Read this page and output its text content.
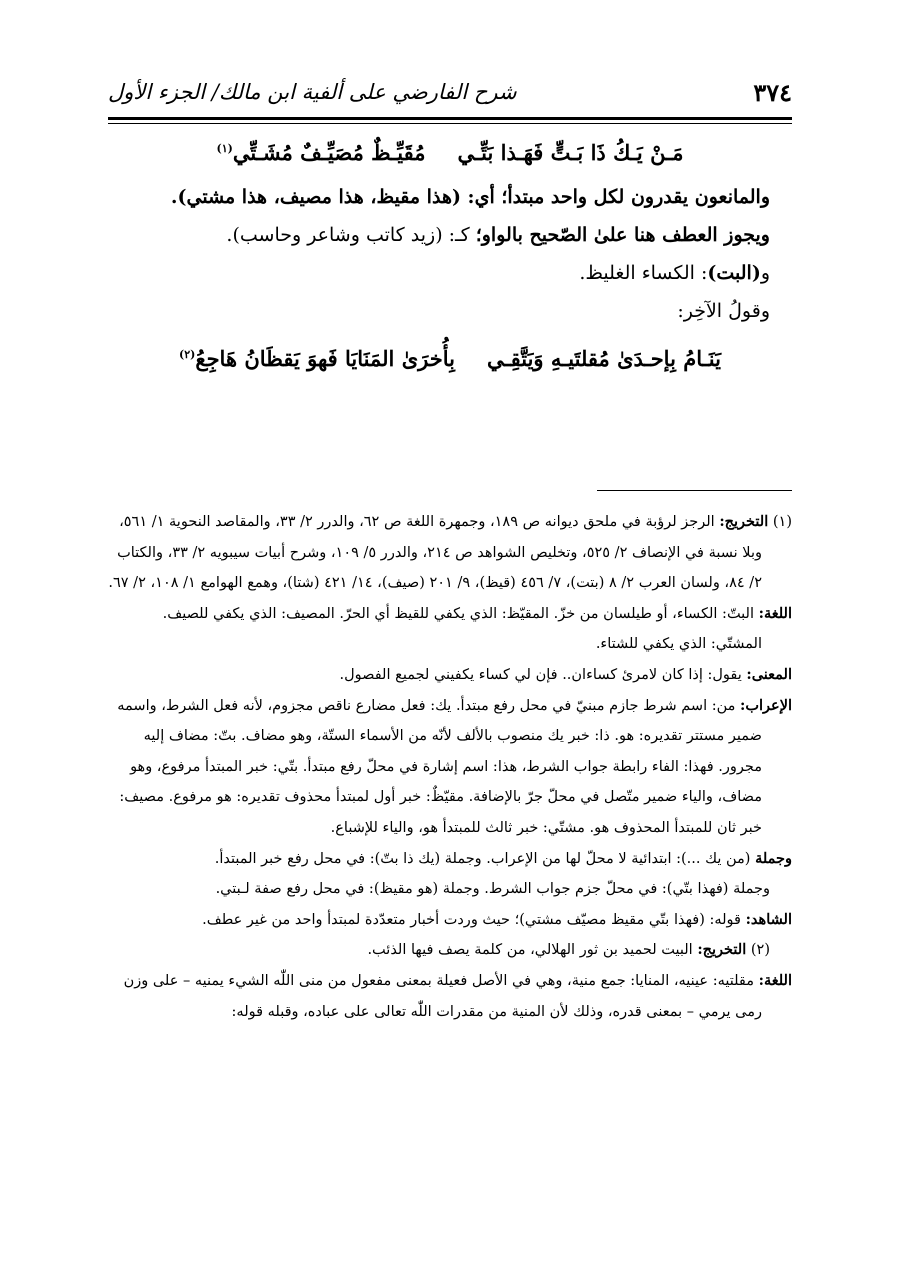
٣٧٤
شرح الفارضي على ألفية ابن مالك/ الجزء الأول
مَـنْ يَـكُ ذَا بَـتٍّ فَهَـذا بَتِّـي
مُقَيِّـظٌ مُصَيِّـفٌ مُشَـتِّي$^{(١)}$

والمانعون يقدرون لكل واحد مبتدأ؛ أي: (هذا مقيظ، هذا مصيف، هذا مشتي).

ويجوز العطف هنا علىٰ الصّحيح بالواو؛ كـ: (زيد كاتب وشاعر وحاسب).

و(البت): الكساء الغليظ.

وقولُ الآخِر:

يَنَـامُ بِإحـدَىٰ مُقلتَيـهِ وَيَتَّقِـي
بِأُخرَىٰ المَنَايَا فَهوَ يَقظَانُ هَاجِعُ$^{(٢)}$

(١) التخريج: الرجز لرؤبة في ملحق ديوانه ص ١٨٩، وجمهرة اللغة ص ٦٢، والدرر ٢/ ٣٣، والمقاصد النحوية ١/ ٥٦١، وبلا نسبة في الإنصاف ٢/ ٥٢٥، وتخليص الشواهد ص ٢١٤، والدرر ٥/ ١٠٩، وشرح أبيات سيبويه ٢/ ٣٣، والكتاب ٢/ ٨٤، ولسان العرب ٢/ ٨ (بتت)، ٧/ ٤٥٦ (قيظ)، ٩/ ٢٠١ (صيف)، ١٤/ ٤٢١ (شتا)، وهمع الهوامع ١/ ١٠٨، ٢/ ٦٧.

اللغة: البتّ: الكساء، أو طيلسان من خزّ. المقيّظ: الذي يكفي للقيظ أي الحرّ. المصيف: الذي يكفي للصيف. المشتّي: الذي يكفي للشتاء.

المعنى: يقول: إذا كان لامرئ كساءان.. فإن لي كساء يكفيني لجميع الفصول.

الإعراب: من: اسم شرط جازم مبنيّ في محل رفع مبتدأ. يك: فعل مضارع ناقص مجزوم، لأنه فعل الشرط، واسمه ضمير مستتر تقديره: هو. ذا: خبر يك منصوب بالألف لأنّه من الأسماء الستّة، وهو مضاف. بتّ: مضاف إليه مجرور. فهذا: الفاء رابطة جواب الشرط، هذا: اسم إشارة في محلّ رفع مبتدأ. بتّي: خبر المبتدأ مرفوع، وهو مضاف، والياء ضمير متّصل في محلّ جرّ بالإضافة. مقيّظٌ: خبر أول لمبتدأ محذوف تقديره: هو مرفوع. مصيف: خبر ثان للمبتدأ المحذوف هو. مشتّي: خبر ثالث للمبتدأ هو، والياء للإشباع.

وجملة (من يك ...): ابتدائية لا محلّ لها من الإعراب. وجملة (يك ذا بتّ): في محل رفع خبر المبتدأ.

وجملة (فهذا بتّي): في محلّ جزم جواب الشرط. وجملة (هو مقيظ): في محل رفع صفة لـبتي.

الشاهد: قوله: (فهذا بتّي مقيظ مصيّف مشتي)؛ حيث وردت أخبار متعدّدة لمبتدأ واحد من غير عطف.

(٢) التخريج: البيت لحميد بن ثور الهلالي، من كلمة يصف فيها الذئب.

اللغة: مقلتيه: عينيه، المنايا: جمع منية، وهي في الأصل فعيلة بمعنى مفعول من منى اللّٰه الشيء يمنيه – على وزن رمى يرمي – بمعنى قدره، وذلك لأن المنية من مقدرات اللّٰه تعالى على عباده، وقبله قوله:
